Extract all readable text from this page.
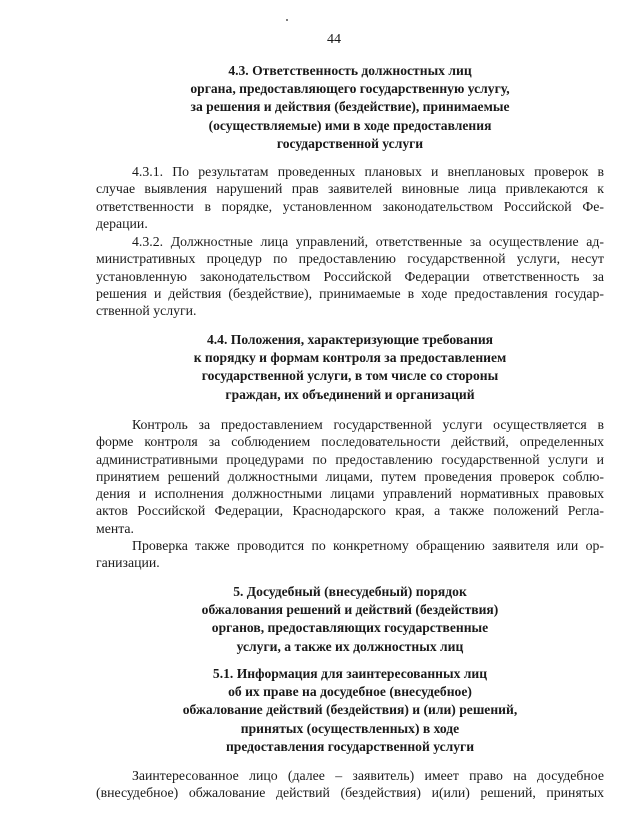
44
4.3. Ответственность должностных лиц
органа, предоставляющего государственную услугу,
за решения и действия (бездействие), принимаемые
(осуществляемые) ими в ходе предоставления
государственной услуги
4.3.1. По результатам проведенных плановых и внеплановых проверок в
случае выявления нарушений прав заявителей виновные лица привлекаются к
ответственности в порядке, установленном законодательством Российской Фе-
дерации.
4.3.2. Должностные лица управлений, ответственные за осуществление ад-
министративных процедур по предоставлению государственной услуги, несут
установленную законодательством Российской Федерации ответственность за
решения и действия (бездействие), принимаемые в ходе предоставления государ-
ственной услуги.
4.4. Положения, характеризующие требования
к порядку и формам контроля за предоставлением
государственной услуги, в том числе со стороны
граждан, их объединений и организаций
Контроль за предоставлением государственной услуги осуществляется в
форме контроля за соблюдением последовательности действий, определенных
административными процедурами по предоставлению государственной услуги и
принятием решений должностными лицами, путем проведения проверок соблю-
дения и исполнения должностными лицами управлений нормативных правовых
актов Российской Федерации, Краснодарского края, а также положений Регла-
мента.
Проверка также проводится по конкретному обращению заявителя или ор-
ганизации.
5. Досудебный (внесудебный) порядок
обжалования решений и действий (бездействия)
органов, предоставляющих государственные
услуги, а также их должностных лиц
5.1. Информация для заинтересованных лиц
об их праве на досудебное (внесудебное)
обжалование действий (бездействия) и (или) решений,
принятых (осуществленных) в ходе
предоставления государственной услуги
Заинтересованное лицо (далее – заявитель) имеет право на досудебное
(внесудебное) обжалование действий (бездействия) и(или) решений, принятых
